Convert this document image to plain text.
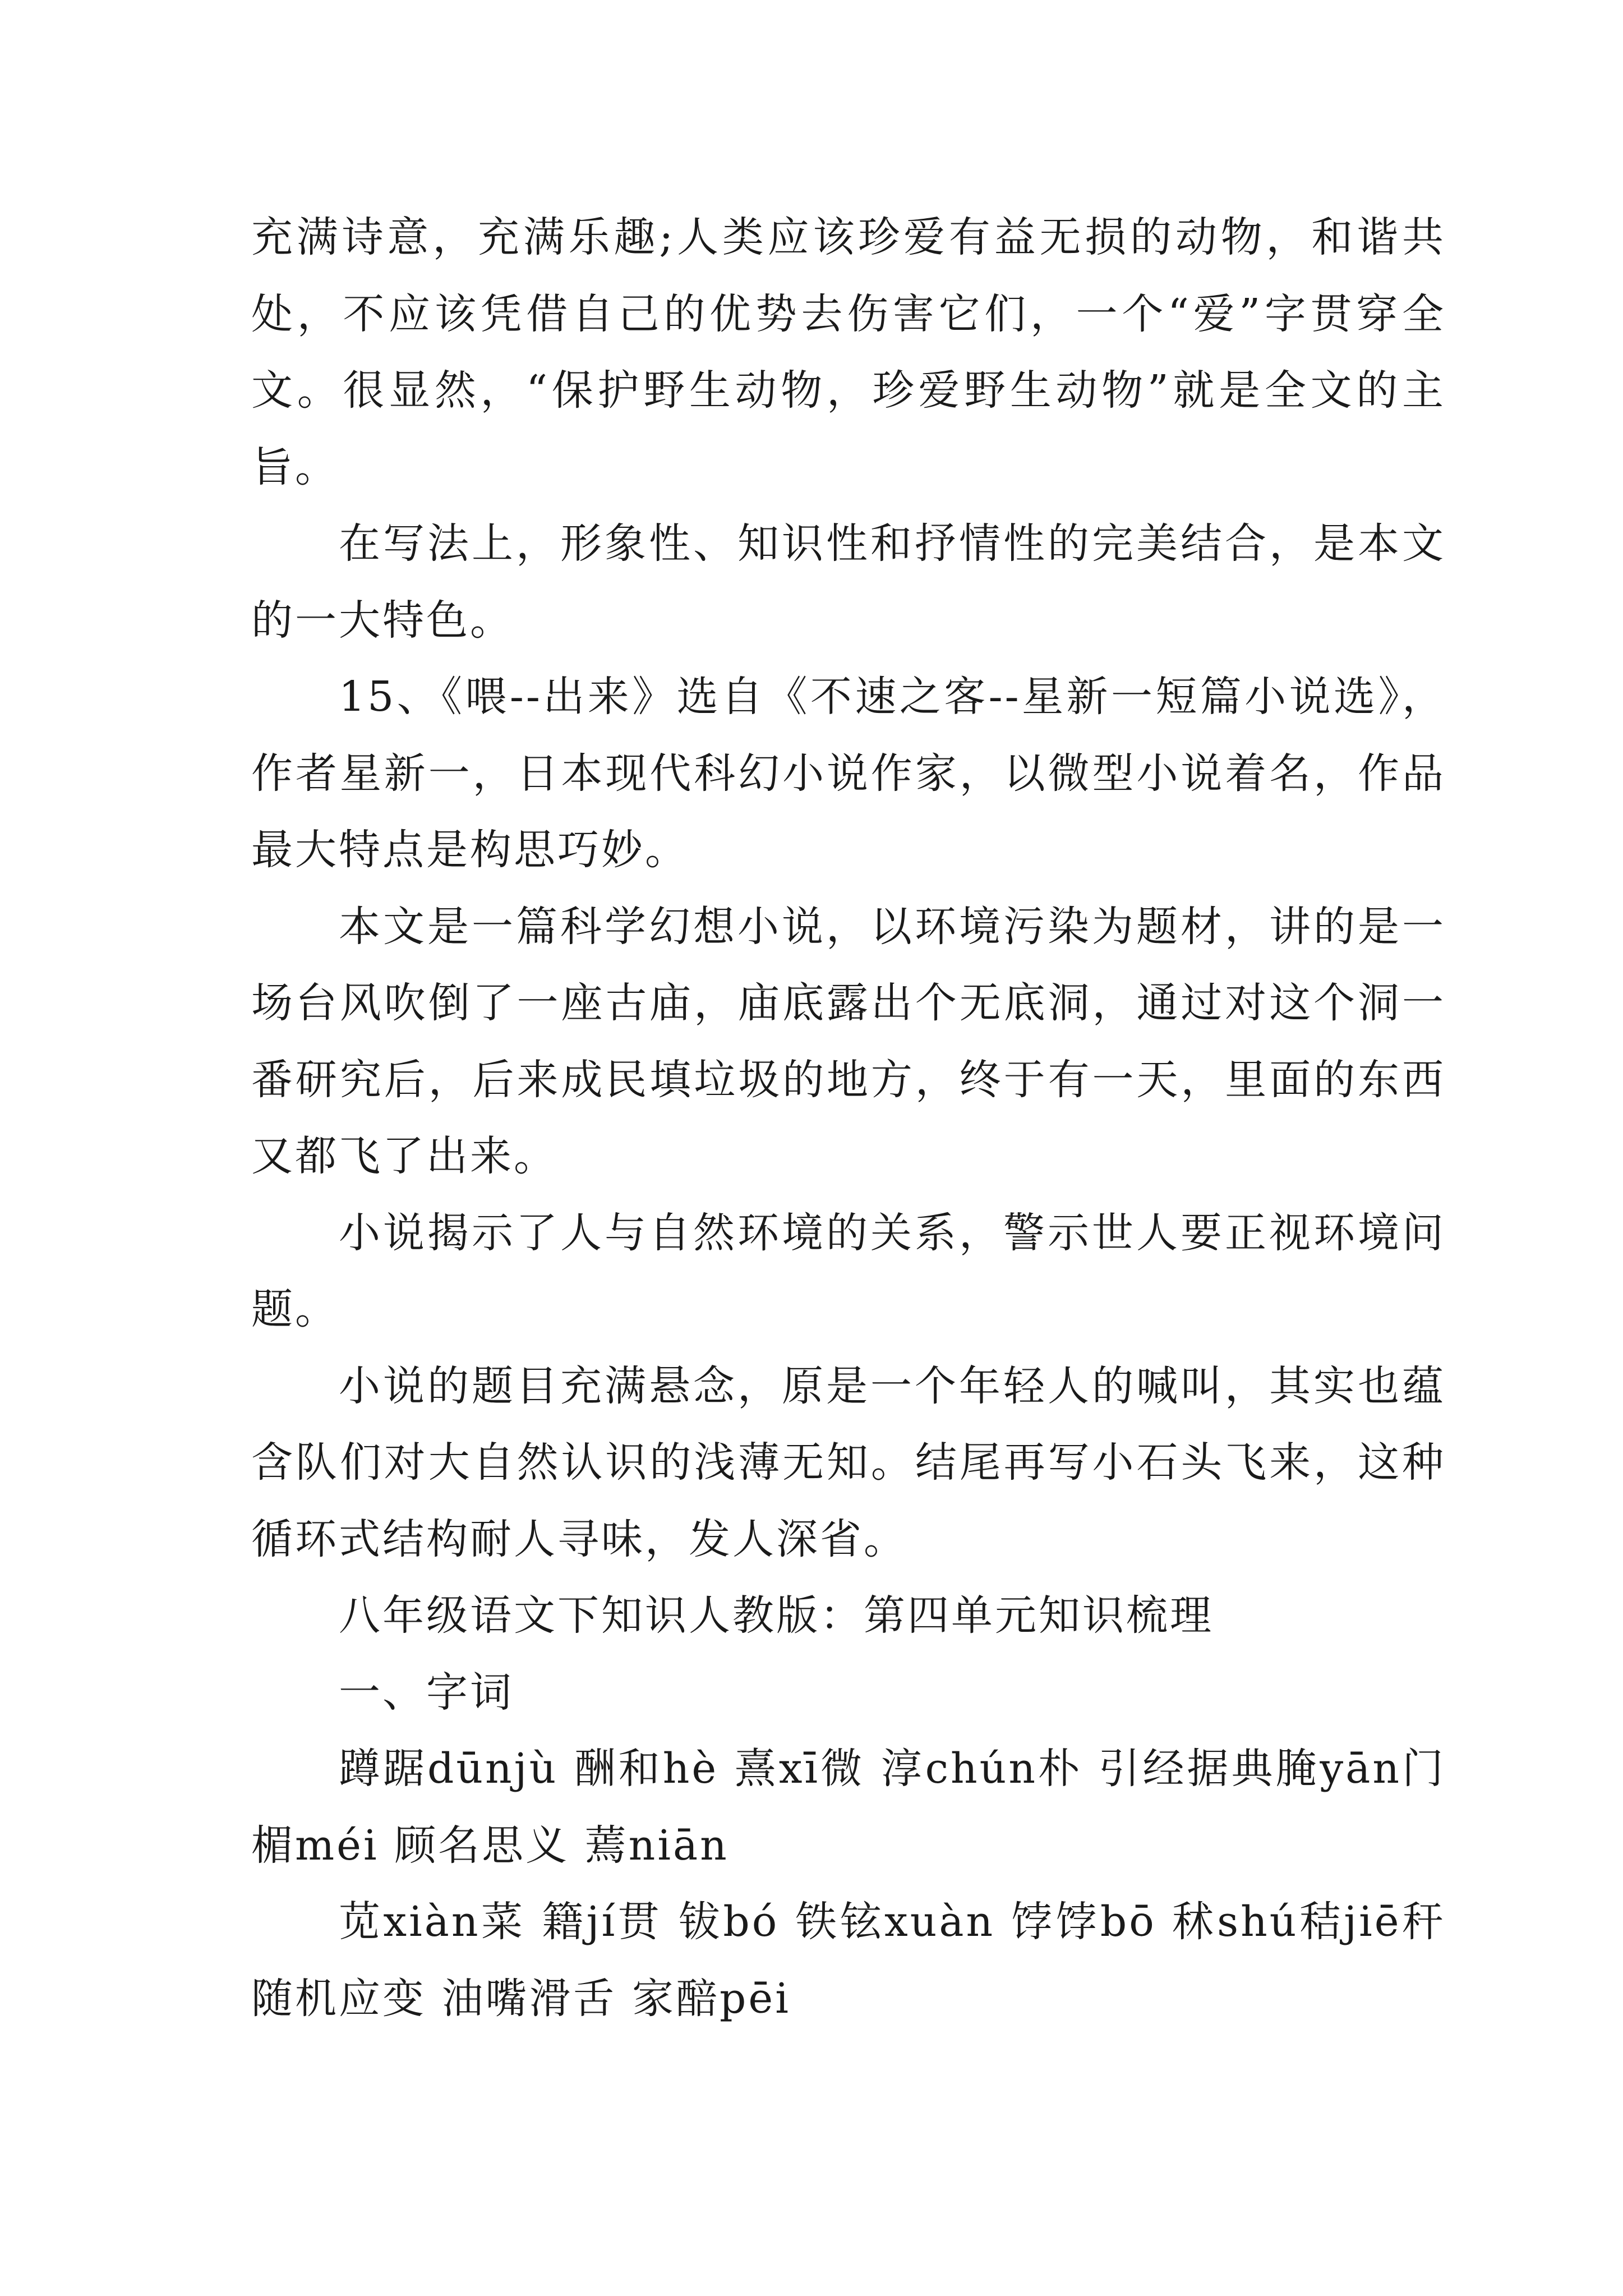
充满诗意，充满乐趣;人类应该珍爱有益无损的动物，和谐共处，不应该凭借自己的优势去伤害它们，一个“爱”字贯穿全文。很显然，“保护野生动物，珍爱野生动物”就是全文的主旨。

在写法上，形象性、知识性和抒情性的完美结合，是本文的一大特色。

15、《喂--出来》选自《不速之客--星新一短篇小说选》，作者星新一，日本现代科幻小说作家，以微型小说着名，作品最大特点是构思巧妙。

本文是一篇科学幻想小说，以环境污染为题材，讲的是一场台风吹倒了一座古庙，庙底露出个无底洞，通过对这个洞一番研究后，后来成民填垃圾的地方，终于有一天，里面的东西又都飞了出来。

小说揭示了人与自然环境的关系，警示世人要正视环境问题。

小说的题目充满悬念，原是一个年轻人的喊叫，其实也蕴含队们对大自然认识的浅薄无知。结尾再写小石头飞来，这种循环式结构耐人寻味，发人深省。

八年级语文下知识人教版：第四单元知识梳理

一、字词

蹲踞dūnjù 酬和hè 熹xī微 淳chún朴 引经据典腌yān门楣méi 顾名思义 蔫niān

苋xiàn菜 籍jí贯 钹bó 铁铉xuàn 饽饽bō 秫shú秸jiē秆 随机应变 油嘴滑舌 家醅pēi
